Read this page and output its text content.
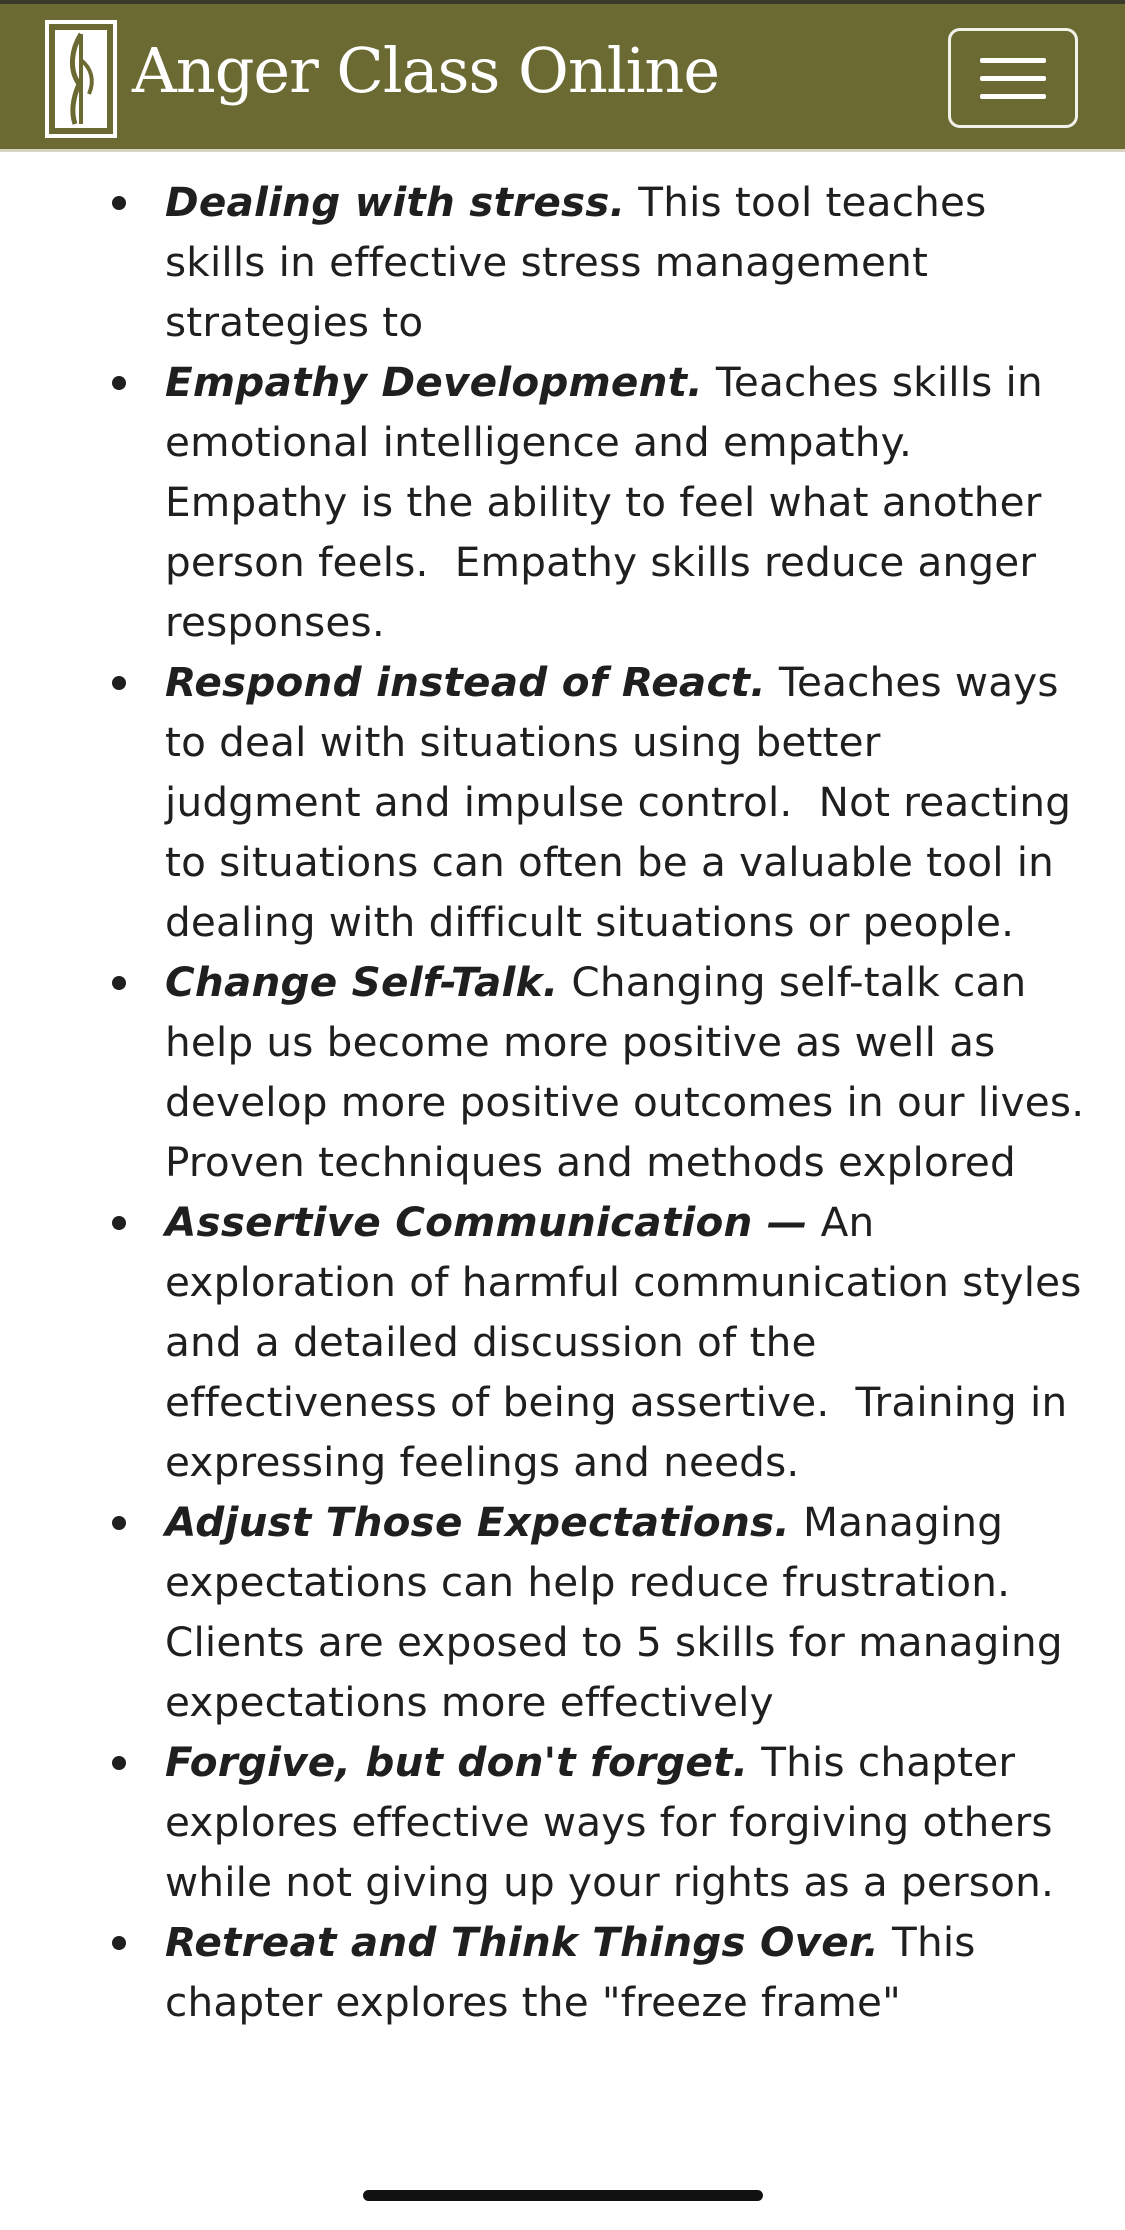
Anger Class Online
Dealing with stress. This tool teaches skills in effective stress management strategies to
Empathy Development. Teaches skills in emotional intelligence and empathy.  Empathy is the ability to feel what another person feels.  Empathy skills reduce anger responses.
Respond instead of React. Teaches ways to deal with situations using better judgment and impulse control.  Not reacting to situations can often be a valuable tool in dealing with difficult situations or people.
Change Self-Talk. Changing self-talk can help us become more positive as well as develop more positive outcomes in our lives.  Proven techniques and methods explored
Assertive Communication — An exploration of harmful communication styles and a detailed discussion of the effectiveness of being assertive.  Training in expressing feelings and needs.
Adjust Those Expectations. Managing expectations can help reduce frustration.  Clients are exposed to 5 skills for managing expectations more effectively
Forgive, but don't forget. This chapter explores effective ways for forgiving others while not giving up your rights as a person.
Retreat and Think Things Over. This chapter explores the "freeze frame"
